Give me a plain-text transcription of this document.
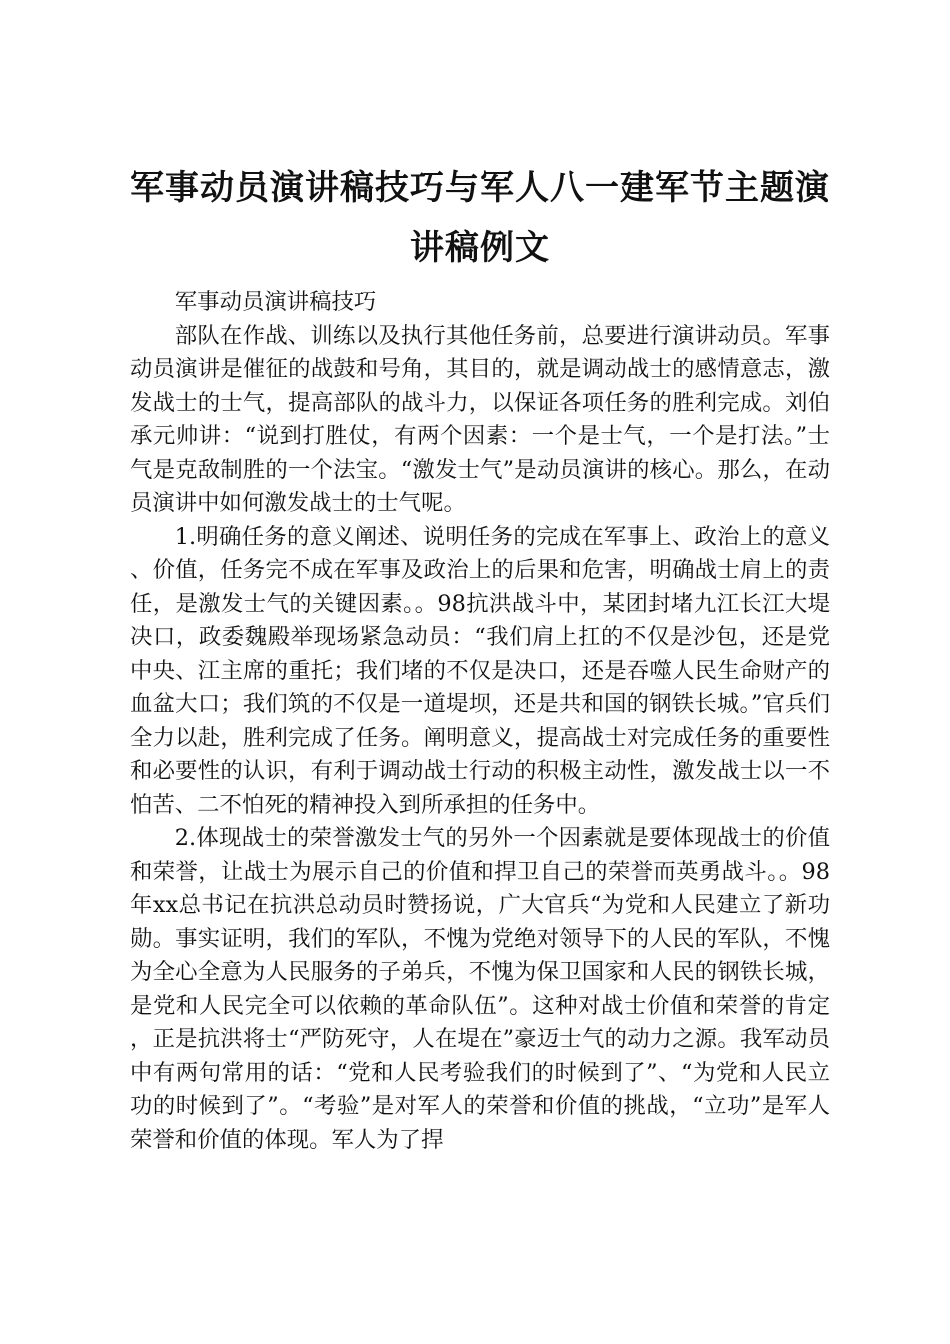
军事动员演讲稿技巧与军人八一建军节主题演讲稿例文

军事动员演讲稿技巧

部队在作战、训练以及执行其他任务前，总要进行演讲动员。军事动员演讲是催征的战鼓和号角，其目的，就是调动战士的感情意志，激发战士的士气，提高部队的战斗力，以保证各项任务的胜利完成。刘伯承元帅讲：“说到打胜仗，有两个因素：一个是士气，一个是打法。”士气是克敌制胜的一个法宝。“激发士气”是动员演讲的核心。那么，在动员演讲中如何激发战士的士气呢。

1.明确任务的意义阐述、说明任务的完成在军事上、政治上的意义、价值，任务完不成在军事及政治上的后果和危害，明确战士肩上的责任，是激发士气的关键因素。。98抗洪战斗中，某团封堵九江长江大堤决口，政委魏殿举现场紧急动员：“我们肩上扛的不仅是沙包，还是党中央、江主席的重托；我们堵的不仅是决口，还是吞噬人民生命财产的血盆大口；我们筑的不仅是一道堤坝，还是共和国的钢铁长城。”官兵们全力以赴，胜利完成了任务。阐明意义，提高战士对完成任务的重要性和必要性的认识，有利于调动战士行动的积极主动性，激发战士以一不怕苦、二不怕死的精神投入到所承担的任务中。

2.体现战士的荣誉激发士气的另外一个因素就是要体现战士的价值和荣誉，让战士为展示自己的价值和捍卫自己的荣誉而英勇战斗。。98年xx总书记在抗洪总动员时赞扬说，广大官兵“为党和人民建立了新功勋。事实证明，我们的军队，不愧为党绝对领导下的人民的军队，不愧为全心全意为人民服务的子弟兵，不愧为保卫国家和人民的钢铁长城，是党和人民完全可以依赖的革命队伍”。这种对战士价值和荣誉的肯定，正是抗洪将士“严防死守，人在堤在”豪迈士气的动力之源。我军动员中有两句常用的话：“党和人民考验我们的时候到了”、“为党和人民立功的时候到了”。“考验”是对军人的荣誉和价值的挑战，“立功”是军人荣誉和价值的体现。军人为了捍
